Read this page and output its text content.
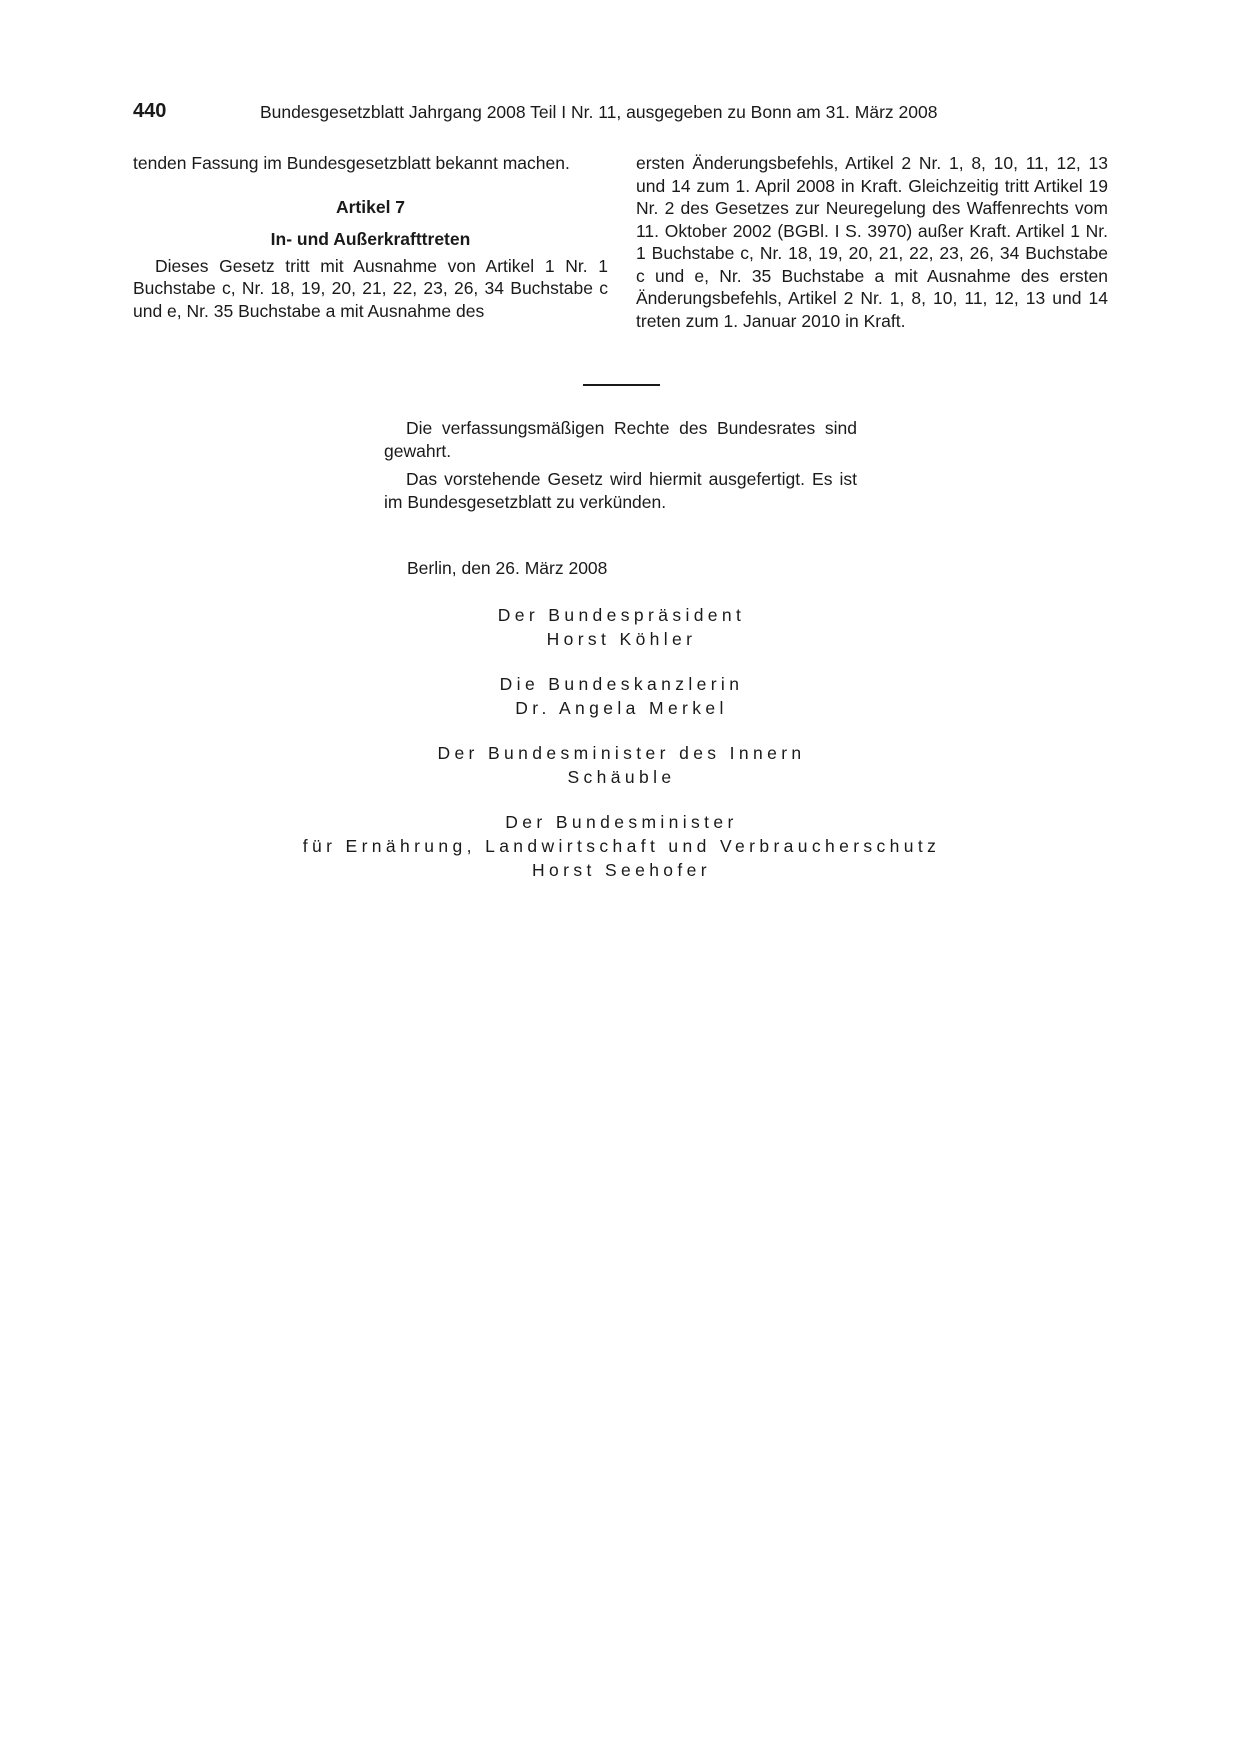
440	Bundesgesetzblatt Jahrgang 2008 Teil I Nr. 11, ausgegeben zu Bonn am 31. März 2008

tenden Fassung im Bundesgesetzblatt bekannt machen.

Artikel 7

In- und Außerkrafttreten

Dieses Gesetz tritt mit Ausnahme von Artikel 1 Nr. 1 Buchstabe c, Nr. 18, 19, 20, 21, 22, 23, 26, 34 Buchstabe c und e, Nr. 35 Buchstabe a mit Ausnahme des

ersten Änderungsbefehls, Artikel 2 Nr. 1, 8, 10, 11, 12, 13 und 14 zum 1. April 2008 in Kraft. Gleichzeitig tritt Artikel 19 Nr. 2 des Gesetzes zur Neuregelung des Waffenrechts vom 11. Oktober 2002 (BGBl. I S. 3970) außer Kraft. Artikel 1 Nr. 1 Buchstabe c, Nr. 18, 19, 20, 21, 22, 23, 26, 34 Buchstabe c und e, Nr. 35 Buchstabe a mit Ausnahme des ersten Änderungsbefehls, Artikel 2 Nr. 1, 8, 10, 11, 12, 13 und 14 treten zum 1. Januar 2010 in Kraft.

Die verfassungsmäßigen Rechte des Bundesrates sind gewahrt.

Das vorstehende Gesetz wird hiermit ausgefertigt. Es ist im Bundesgesetzblatt zu verkünden.

Berlin, den 26. März 2008
Der Bundespräsident
Horst Köhler
Die Bundeskanzlerin
Dr. Angela Merkel
Der Bundesminister des Innern
Schäuble
Der Bundesminister
für Ernährung, Landwirtschaft und Verbraucherschutz
Horst Seehofer
